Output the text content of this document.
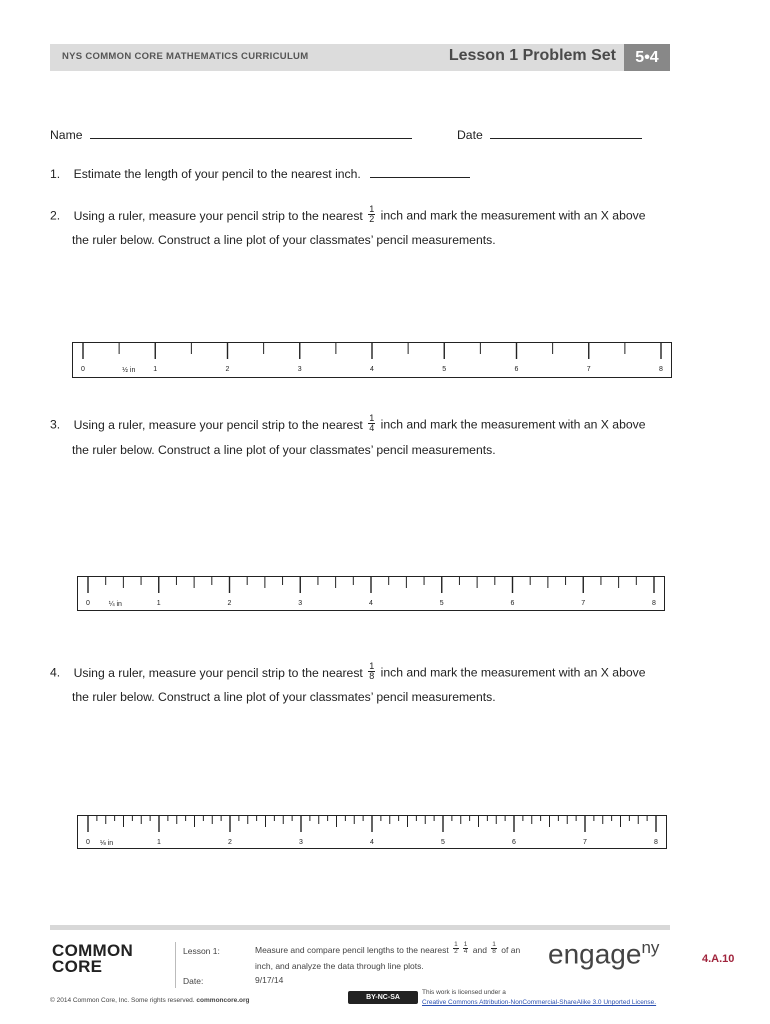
NYS COMMON CORE MATHEMATICS CURRICULUM	Lesson 1 Problem Set	5•4
Name	Date
1. Estimate the length of your pencil to the nearest inch.
2. Using a ruler, measure your pencil strip to the nearest $\frac{1}{2}$ inch and mark the measurement with an X above
the ruler below. Construct a line plot of your classmates’ pencil measurements.
0	1	2	3	4	5	6	7	8
½ in
3. Using a ruler, measure your pencil strip to the nearest $\frac{1}{4}$ inch and mark the measurement with an X above
the ruler below. Construct a line plot of your classmates’ pencil measurements.
0	1	2	3	4	5	6	7	8
¼ in
4. Using a ruler, measure your pencil strip to the nearest $\frac{1}{8}$ inch and mark the measurement with an X above
the ruler below. Construct a line plot of your classmates’ pencil measurements.
0	1	2	3	4	5	6	7	8
⅛ in
COMMON
CORE
Lesson 1:
Date:
Measure and compare pencil lengths to the nearest $\frac{1}{2} \frac{1}{4}$ and $\frac{1}{8}$ of an
inch, and analyze the data through line plots.
9/17/14
engage$^{ny}$
4.A.10
© 2014 Common Core, Inc. Some rights reserved. commoncore.org	BY-NC-SA
This work is licensed under a
Creative Commons Attribution-NonCommercial-ShareAlike 3.0 Unported License.
